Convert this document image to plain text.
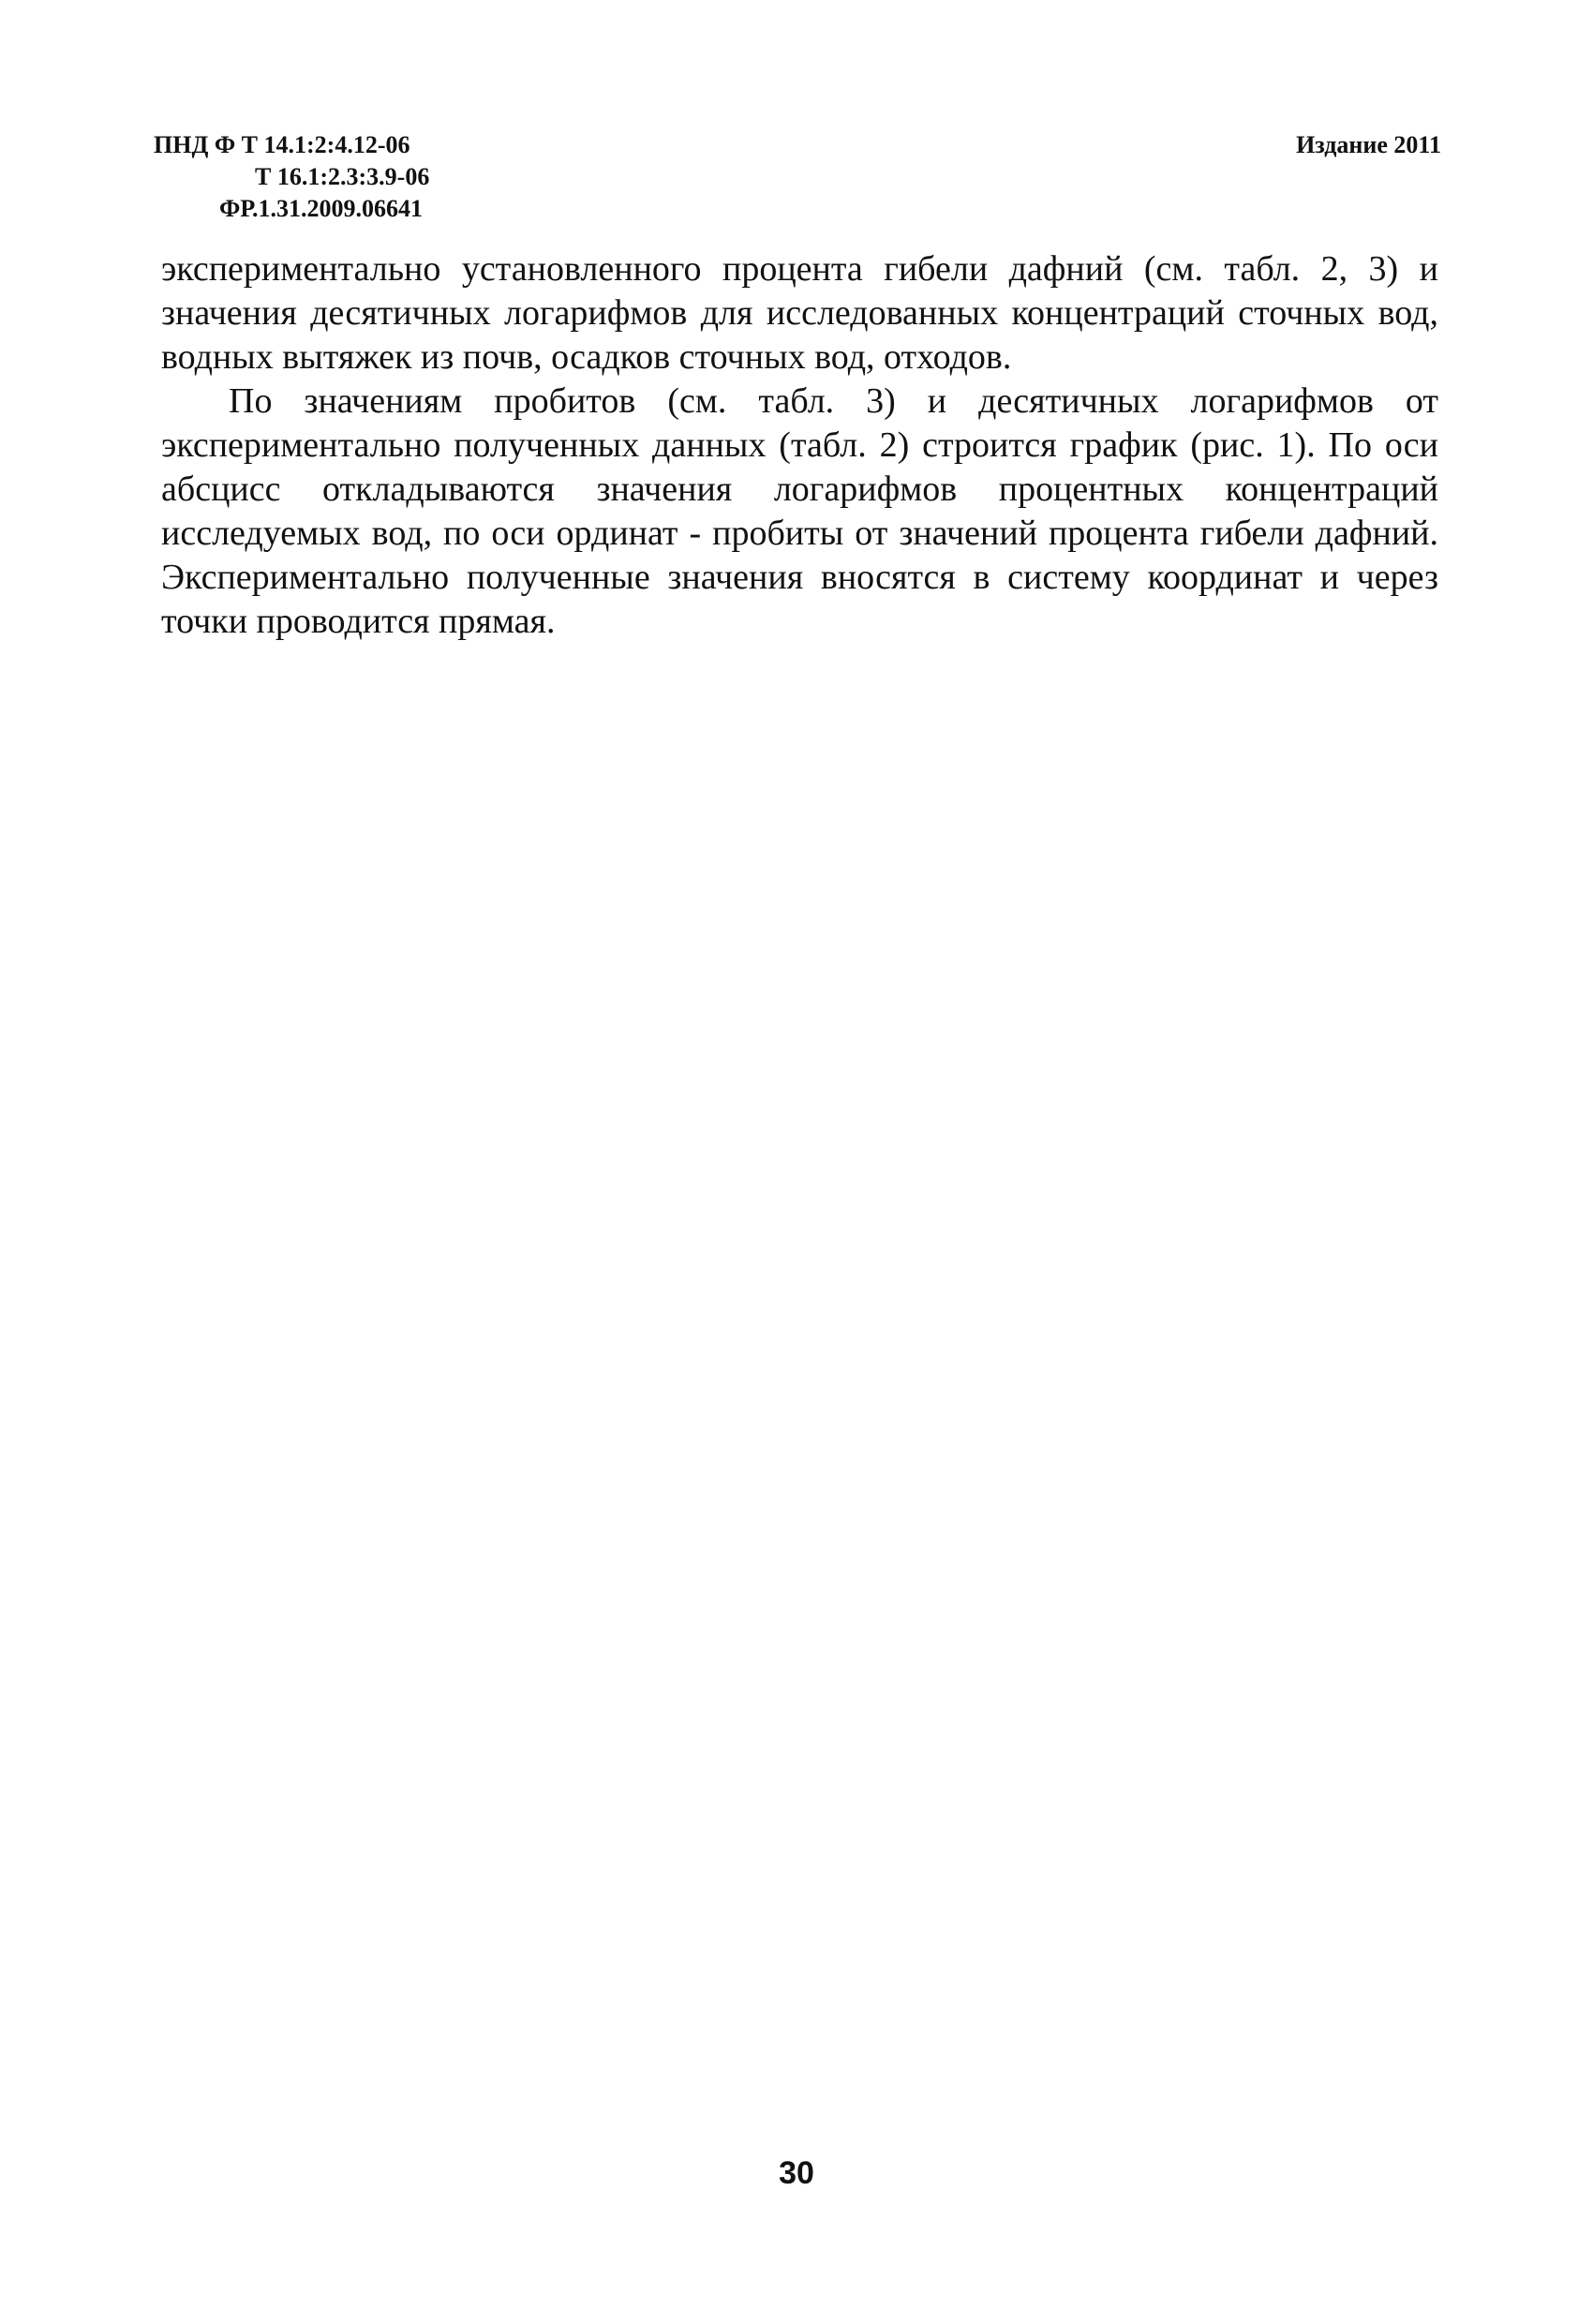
ПНД Ф Т 14.1:2:4.12-06
Т 16.1:2.3:3.9-06
ФР.1.31.2009.06641
Издание 2011

экспериментально установленного процента гибели дафний (см. табл. 2, 3) и значения десятичных логарифмов для исследованных концентраций сточных вод, водных вытяжек из почв, осадков сточных вод, отходов.

По значениям пробитов (см. табл. 3) и десятичных логарифмов от экспериментально полученных данных (табл. 2) строится график (рис. 1). По оси абсцисс откладываются значения логарифмов процентных концентраций исследуемых вод, по оси ординат - пробиты от значений процента гибели дафний. Экспериментально полученные значения вносятся в систему координат и через точки проводится прямая.

30
